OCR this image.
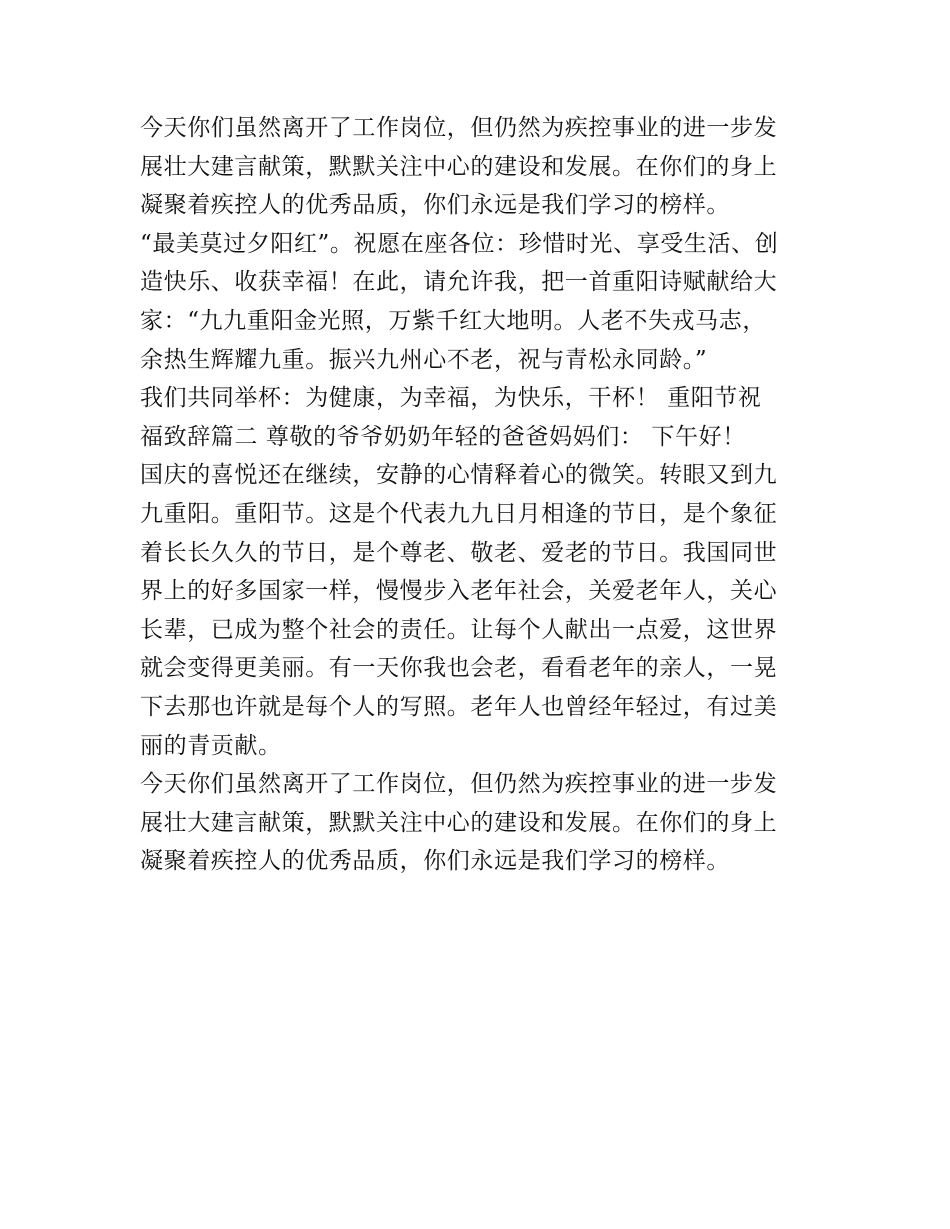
今天你们虽然离开了工作岗位，但仍然为疾控事业的进一步发

展壮大建言献策，默默关注中心的建设和发展。在你们的身上

凝聚着疾控人的优秀品质，你们永远是我们学习的榜样。

“最美莫过夕阳红”。祝愿在座各位：珍惜时光、享受生活、创

造快乐、收获幸福！在此，请允许我，把一首重阳诗赋献给大

家：“九九重阳金光照，万紫千红大地明。人老不失戎马志，

余热生辉耀九重。振兴九州心不老，祝与青松永同龄。”

我们共同举杯：为健康，为幸福，为快乐，干杯！ 重阳节祝

福致辞篇二 尊敬的爷爷奶奶年轻的爸爸妈妈们： 下午好！

国庆的喜悦还在继续，安静的心情释着心的微笑。转眼又到九

九重阳。重阳节。这是个代表九九日月相逢的节日，是个象征

着长长久久的节日，是个尊老、敬老、爱老的节日。我国同世

界上的好多国家一样，慢慢步入老年社会，关爱老年人，关心

长辈，已成为整个社会的责任。让每个人献出一点爱，这世界

就会变得更美丽。有一天你我也会老，看看老年的亲人，一晃

下去那也许就是每个人的写照。老年人也曾经年轻过，有过美

丽的青贡献。

今天你们虽然离开了工作岗位，但仍然为疾控事业的进一步发

展壮大建言献策，默默关注中心的建设和发展。在你们的身上

凝聚着疾控人的优秀品质，你们永远是我们学习的榜样。
